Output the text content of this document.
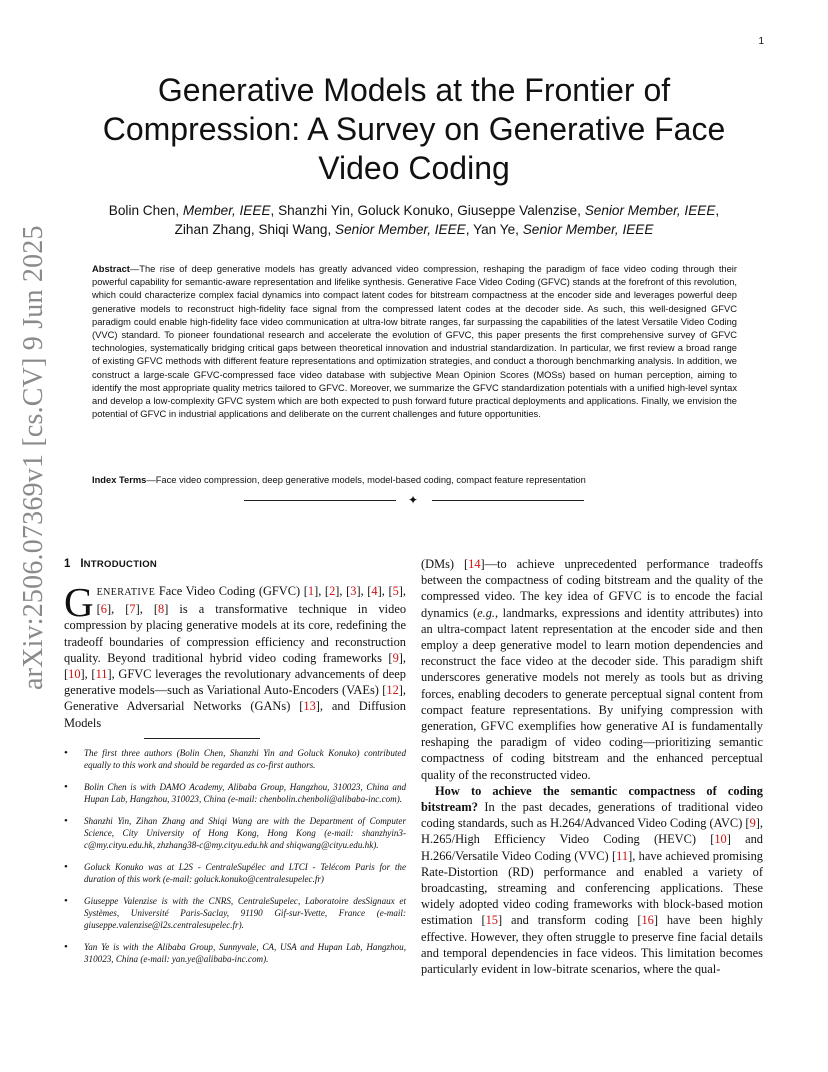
1
arXiv:2506.07369v1 [cs.CV] 9 Jun 2025
Generative Models at the Frontier of Compression: A Survey on Generative Face Video Coding
Bolin Chen, Member, IEEE, Shanzhi Yin, Goluck Konuko, Giuseppe Valenzise, Senior Member, IEEE,
Zihan Zhang, Shiqi Wang, Senior Member, IEEE, Yan Ye, Senior Member, IEEE
Abstract—The rise of deep generative models has greatly advanced video compression, reshaping the paradigm of face video coding through their powerful capability for semantic-aware representation and lifelike synthesis. Generative Face Video Coding (GFVC) stands at the forefront of this revolution, which could characterize complex facial dynamics into compact latent codes for bitstream compactness at the encoder side and leverages powerful deep generative models to reconstruct high-fidelity face signal from the compressed latent codes at the decoder side. As such, this well-designed GFVC paradigm could enable high-fidelity face video communication at ultra-low bitrate ranges, far surpassing the capabilities of the latest Versatile Video Coding (VVC) standard. To pioneer foundational research and accelerate the evolution of GFVC, this paper presents the first comprehensive survey of GFVC technologies, systematically bridging critical gaps between theoretical innovation and industrial standardization. In particular, we first review a broad range of existing GFVC methods with different feature representations and optimization strategies, and conduct a thorough benchmarking analysis. In addition, we construct a large-scale GFVC-compressed face video database with subjective Mean Opinion Scores (MOSs) based on human perception, aiming to identify the most appropriate quality metrics tailored to GFVC. Moreover, we summarize the GFVC standardization potentials with a unified high-level syntax and develop a low-complexity GFVC system which are both expected to push forward future practical deployments and applications. Finally, we envision the potential of GFVC in industrial applications and deliberate on the current challenges and future opportunities.
Index Terms—Face video compression, deep generative models, model-based coding, compact feature representation
✦
1 INTRODUCTION

GENERATIVE Face Video Coding (GFVC) [1], [2], [3], [4], [5], [6], [7], [8] is a transformative technique in video compression by placing generative models at its core, redefining the tradeoff boundaries of compression efficiency and reconstruction quality. Beyond traditional hybrid video coding frameworks [9], [10], [11], GFVC leverages the revolutionary advancements of deep generative models—such as Variational Auto-Encoders (VAEs) [12], Generative Adversarial Networks (GANs) [13], and Diffusion Models

• The first three authors (Bolin Chen, Shanzhi Yin and Goluck Konuko) contributed equally to this work and should be regarded as co-first authors.
• Bolin Chen is with DAMO Academy, Alibaba Group, Hangzhou, 310023, China and Hupan Lab, Hangzhou, 310023, China (e-mail: chenbolin.chenboli@alibaba-inc.com).
• Shanzhi Yin, Zihan Zhang and Shiqi Wang are with the Department of Computer Science, City University of Hong Kong, Hong Kong (e-mail: shanzhyin3-c@my.cityu.edu.hk, zhzhang38-c@my.cityu.edu.hk and shiqwang@cityu.edu.hk).
• Goluck Konuko was at L2S - CentraleSupélec and LTCI - Telécom Paris for the duration of this work (e-mail: goluck.konuko@centralesupelec.fr)
• Giuseppe Valenzise is with the CNRS, CentraleSupelec, Laboratoire desSignaux et Systèmes, Université Paris-Saclay, 91190 Gif-sur-Yvette, France (e-mail: giuseppe.valenzise@l2s.centralesupelec.fr).
• Yan Ye is with the Alibaba Group, Sunnyvale, CA, USA and Hupan Lab, Hangzhou, 310023, China (e-mail: yan.ye@alibaba-inc.com).

(DMs) [14]—to achieve unprecedented performance tradeoffs between the compactness of coding bitstream and the quality of the compressed video. The key idea of GFVC is to encode the facial dynamics (e.g., landmarks, expressions and identity attributes) into an ultra-compact latent representation at the encoder side and then employ a deep generative model to learn motion dependencies and reconstruct the face video at the decoder side. This paradigm shift underscores generative models not merely as tools but as driving forces, enabling decoders to generate perceptual signal content from compact feature representations. By unifying compression with generation, GFVC exemplifies how generative AI is fundamentally reshaping the paradigm of video coding—prioritizing semantic compactness of coding bitstream and the enhanced perceptual quality of the reconstructed video.

How to achieve the semantic compactness of coding bitstream? In the past decades, generations of traditional video coding standards, such as H.264/Advanced Video Coding (AVC) [9], H.265/High Efficiency Video Coding (HEVC) [10] and H.266/Versatile Video Coding (VVC) [11], have achieved promising Rate-Distortion (RD) performance and enabled a variety of broadcasting, streaming and conferencing applications. These widely adopted video coding frameworks with block-based motion estimation [15] and transform coding [16] have been highly effective. However, they often struggle to preserve fine facial details and temporal dependencies in face videos. This limitation becomes particularly evident in low-bitrate scenarios, where the qual-
